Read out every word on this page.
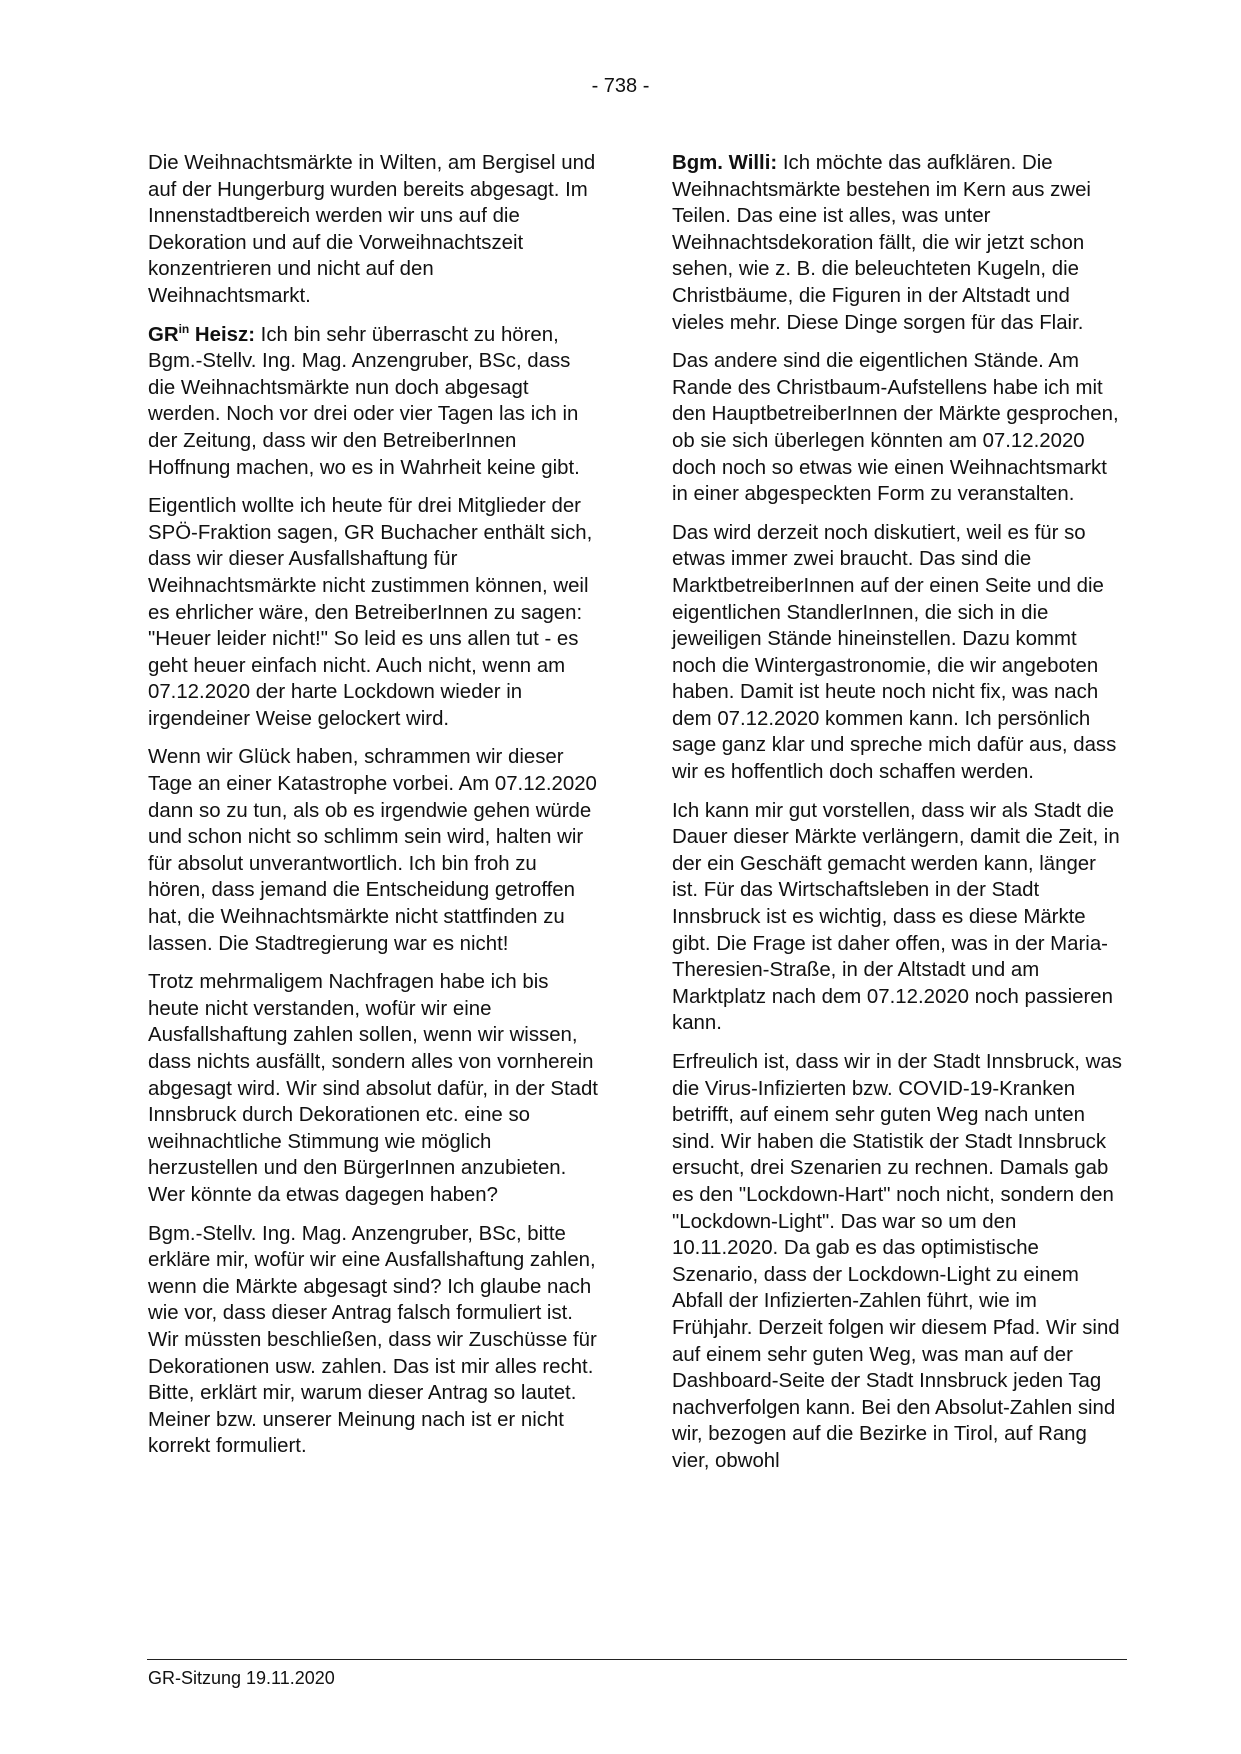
- 738 -

Die Weihnachtsmärkte in Wilten, am Bergisel und auf der Hungerburg wurden bereits abgesagt. Im Innenstadtbereich werden wir uns auf die Dekoration und auf die Vorweihnachtszeit konzentrieren und nicht auf den Weihnachtsmarkt.

$GR^{in}$ Heisz: Ich bin sehr überrascht zu hören, Bgm.-Stellv. Ing. Mag. Anzengruber, BSc, dass die Weihnachtsmärkte nun doch abgesagt werden. Noch vor drei oder vier Tagen las ich in der Zeitung, dass wir den BetreiberInnen Hoffnung machen, wo es in Wahrheit keine gibt.

Eigentlich wollte ich heute für drei Mitglieder der SPÖ-Fraktion sagen, GR Buchacher enthält sich, dass wir dieser Ausfallshaftung für Weihnachtsmärkte nicht zustimmen können, weil es ehrlicher wäre, den BetreiberInnen zu sagen: "Heuer leider nicht!" So leid es uns allen tut - es geht heuer einfach nicht. Auch nicht, wenn am 07.12.2020 der harte Lockdown wieder in irgendeiner Weise gelockert wird.

Wenn wir Glück haben, schrammen wir dieser Tage an einer Katastrophe vorbei. Am 07.12.2020 dann so zu tun, als ob es irgendwie gehen würde und schon nicht so schlimm sein wird, halten wir für absolut unverantwortlich. Ich bin froh zu hören, dass jemand die Entscheidung getroffen hat, die Weihnachtsmärkte nicht stattfinden zu lassen. Die Stadtregierung war es nicht!

Trotz mehrmaligem Nachfragen habe ich bis heute nicht verstanden, wofür wir eine Ausfallshaftung zahlen sollen, wenn wir wissen, dass nichts ausfällt, sondern alles von vornherein abgesagt wird. Wir sind absolut dafür, in der Stadt Innsbruck durch Dekorationen etc. eine so weihnachtliche Stimmung wie möglich herzustellen und den BürgerInnen anzubieten. Wer könnte da etwas dagegen haben?

Bgm.-Stellv. Ing. Mag. Anzengruber, BSc, bitte erkläre mir, wofür wir eine Ausfallshaftung zahlen, wenn die Märkte abgesagt sind? Ich glaube nach wie vor, dass dieser Antrag falsch formuliert ist. Wir müssten beschließen, dass wir Zuschüsse für Dekorationen usw. zahlen. Das ist mir alles recht. Bitte, erklärt mir, warum dieser Antrag so lautet. Meiner bzw. unserer Meinung nach ist er nicht korrekt formuliert.

Bgm. Willi: Ich möchte das aufklären. Die Weihnachtsmärkte bestehen im Kern aus zwei Teilen. Das eine ist alles, was unter Weihnachtsdekoration fällt, die wir jetzt schon sehen, wie z. B. die beleuchteten Kugeln, die Christbäume, die Figuren in der Altstadt und vieles mehr. Diese Dinge sorgen für das Flair.

Das andere sind die eigentlichen Stände. Am Rande des Christbaum-Aufstellens habe ich mit den HauptbetreiberInnen der Märkte gesprochen, ob sie sich überlegen könnten am 07.12.2020 doch noch so etwas wie einen Weihnachtsmarkt in einer abgespeckten Form zu veranstalten.

Das wird derzeit noch diskutiert, weil es für so etwas immer zwei braucht. Das sind die MarktbetreiberInnen auf der einen Seite und die eigentlichen StandlerInnen, die sich in die jeweiligen Stände hineinstellen. Dazu kommt noch die Wintergastronomie, die wir angeboten haben. Damit ist heute noch nicht fix, was nach dem 07.12.2020 kommen kann. Ich persönlich sage ganz klar und spreche mich dafür aus, dass wir es hoffentlich doch schaffen werden.

Ich kann mir gut vorstellen, dass wir als Stadt die Dauer dieser Märkte verlängern, damit die Zeit, in der ein Geschäft gemacht werden kann, länger ist. Für das Wirtschaftsleben in der Stadt Innsbruck ist es wichtig, dass es diese Märkte gibt. Die Frage ist daher offen, was in der Maria-Theresien-Straße, in der Altstadt und am Marktplatz nach dem 07.12.2020 noch passieren kann.

Erfreulich ist, dass wir in der Stadt Innsbruck, was die Virus-Infizierten bzw. COVID-19-Kranken betrifft, auf einem sehr guten Weg nach unten sind. Wir haben die Statistik der Stadt Innsbruck ersucht, drei Szenarien zu rechnen. Damals gab es den "Lockdown-Hart" noch nicht, sondern den "Lockdown-Light". Das war so um den 10.11.2020. Da gab es das optimistische Szenario, dass der Lockdown-Light zu einem Abfall der Infizierten-Zahlen führt, wie im Frühjahr. Derzeit folgen wir diesem Pfad. Wir sind auf einem sehr guten Weg, was man auf der Dashboard-Seite der Stadt Innsbruck jeden Tag nachverfolgen kann. Bei den Absolut-Zahlen sind wir, bezogen auf die Bezirke in Tirol, auf Rang vier, obwohl

GR-Sitzung 19.11.2020
